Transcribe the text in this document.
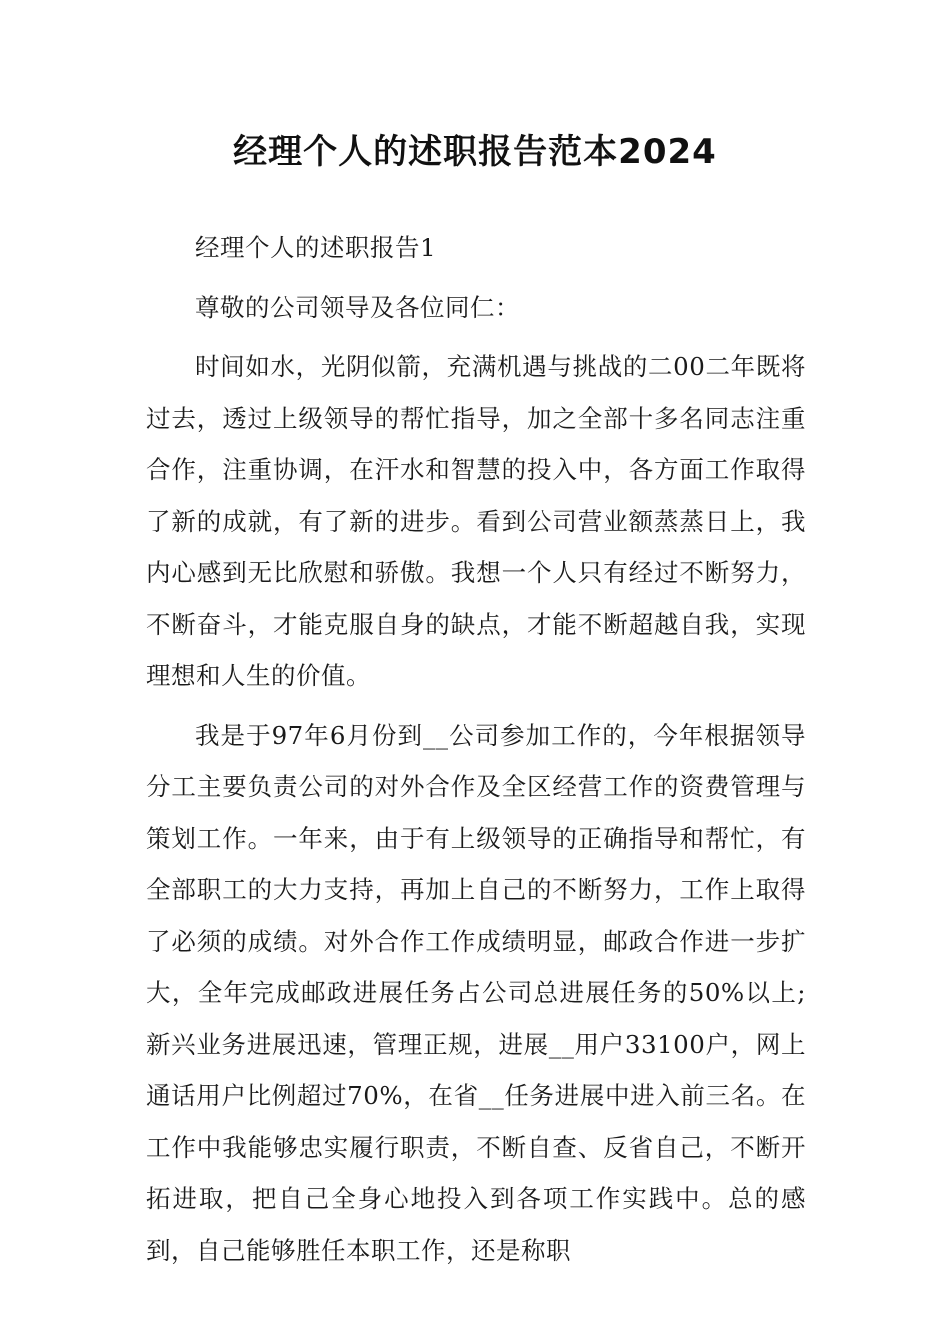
经理个人的述职报告范本2024

经理个人的述职报告1

尊敬的公司领导及各位同仁：

时间如水，光阴似箭，充满机遇与挑战的二00二年既将过去，透过上级领导的帮忙指导，加之全部十多名同志注重合作，注重协调，在汗水和智慧的投入中，各方面工作取得了新的成就，有了新的进步。看到公司营业额蒸蒸日上，我内心感到无比欣慰和骄傲。我想一个人只有经过不断努力，不断奋斗，才能克服自身的缺点，才能不断超越自我，实现理想和人生的价值。

我是于97年6月份到__公司参加工作的，今年根据领导分工主要负责公司的对外合作及全区经营工作的资费管理与策划工作。一年来，由于有上级领导的正确指导和帮忙，有全部职工的大力支持，再加上自己的不断努力，工作上取得了必须的成绩。对外合作工作成绩明显，邮政合作进一步扩大，全年完成邮政进展任务占公司总进展任务的50%以上;新兴业务进展迅速，管理正规，进展__用户33100户，网上通话用户比例超过70%，在省__任务进展中进入前三名。在工作中我能够忠实履行职责，不断自查、反省自己，不断开拓进取，把自己全身心地投入到各项工作实践中。总的感到，自己能够胜任本职工作，还是称职
